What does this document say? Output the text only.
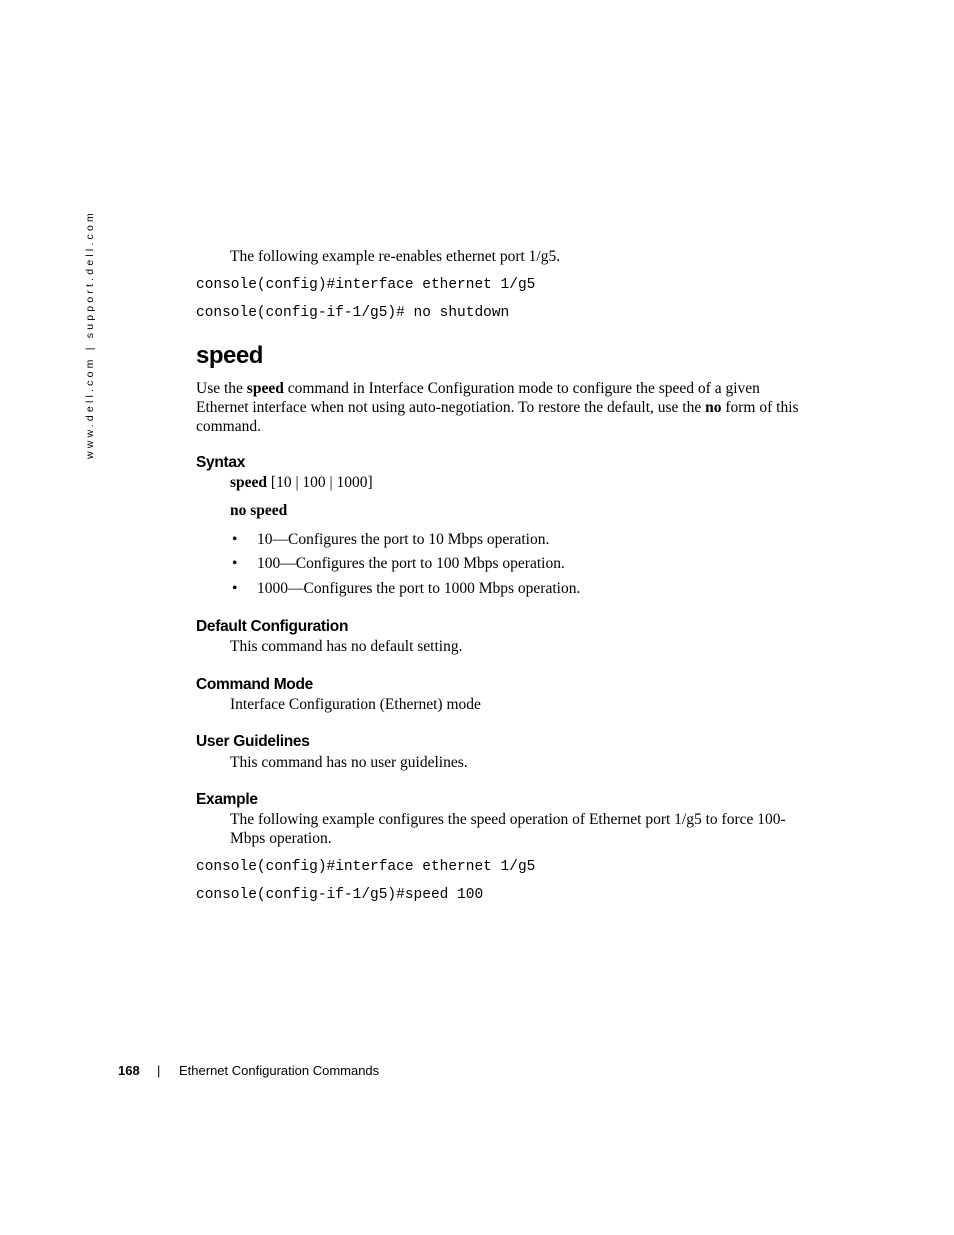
www.dell.com | support.dell.com	The following example re-enables ethernet port 1/g5.
console(config)#interface ethernet 1/g5
console(config-if-1/g5)# no shutdown
speed
Use the speed command in Interface Configuration mode to configure the speed of a given
Ethernet interface when not using auto-negotiation. To restore the default, use the no form of this
command.
Syntax
speed [10 | 100 | 1000]
no speed
• 10—Configures the port to 10 Mbps operation.
• 100—Configures the port to 100 Mbps operation.
• 1000—Configures the port to 1000 Mbps operation.
Default Configuration
This command has no default setting.
Command Mode
Interface Configuration (Ethernet) mode
User Guidelines
This command has no user guidelines.
Example
The following example configures the speed operation of Ethernet port 1/g5 to force 100-
Mbps operation.
console(config)#interface ethernet 1/g5
console(config-if-1/g5)#speed 100
168 | Ethernet Configuration Commands
